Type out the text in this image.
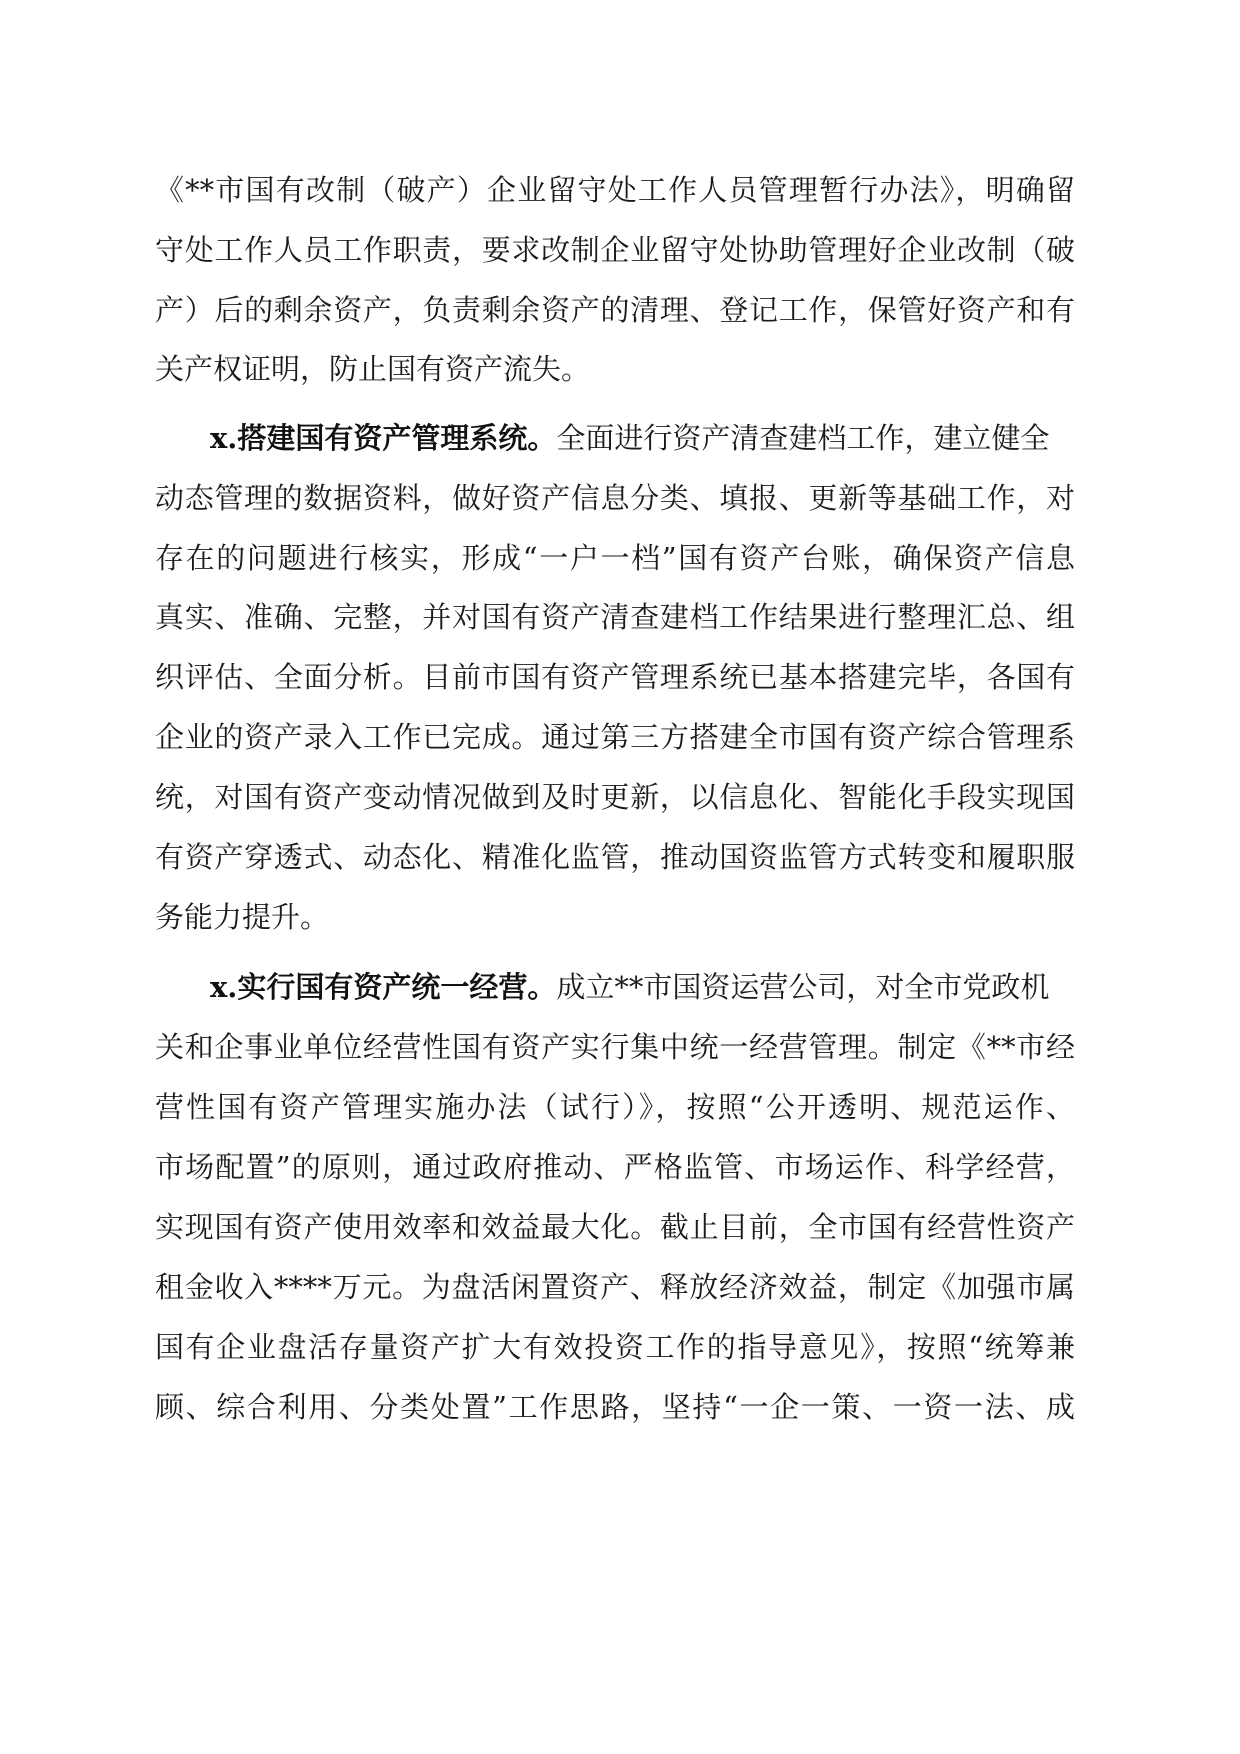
《**市国有改制（破产）企业留守处工作人员管理暂行办法》，明确留
守处工作人员工作职责，要求改制企业留守处协助管理好企业改制（破
产）后的剩余资产，负责剩余资产的清理、登记工作，保管好资产和有
关产权证明，防止国有资产流失。
x.搭建国有资产管理系统。全面进行资产清查建档工作，建立健全
动态管理的数据资料，做好资产信息分类、填报、更新等基础工作，对
存在的问题进行核实，形成“一户一档”国有资产台账，确保资产信息
真实、准确、完整，并对国有资产清查建档工作结果进行整理汇总、组
织评估、全面分析。目前市国有资产管理系统已基本搭建完毕，各国有
企业的资产录入工作已完成。通过第三方搭建全市国有资产综合管理系
统，对国有资产变动情况做到及时更新，以信息化、智能化手段实现国
有资产穿透式、动态化、精准化监管，推动国资监管方式转变和履职服
务能力提升。
x.实行国有资产统一经营。成立**市国资运营公司，对全市党政机
关和企事业单位经营性国有资产实行集中统一经营管理。制定《**市经
营性国有资产管理实施办法（试行）》，按照“公开透明、规范运作、
市场配置”的原则，通过政府推动、严格监管、市场运作、科学经营，
实现国有资产使用效率和效益最大化。截止目前，全市国有经营性资产
租金收入****万元。为盘活闲置资产、释放经济效益，制定《加强市属
国有企业盘活存量资产扩大有效投资工作的指导意见》，按照“统筹兼
顾、综合利用、分类处置”工作思路，坚持“一企一策、一资一法、成
